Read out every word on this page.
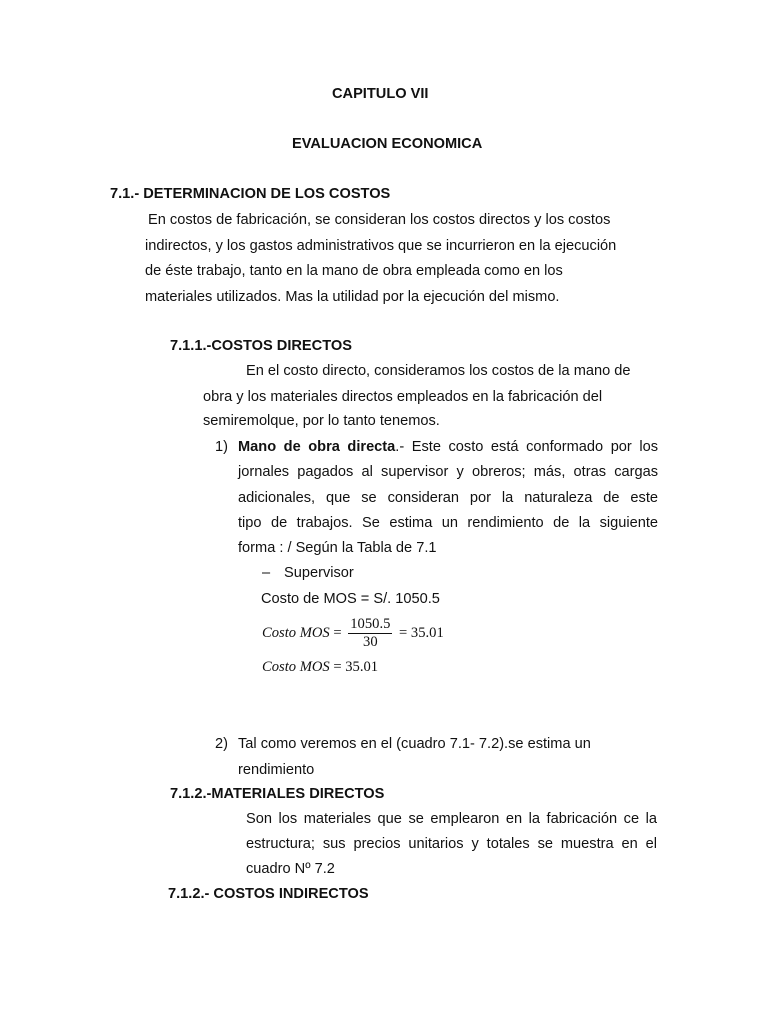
CAPITULO VII
EVALUACION ECONOMICA
7.1.- DETERMINACION DE LOS COSTOS
En costos de fabricación, se consideran los costos directos y los costos
indirectos, y los gastos administrativos que se incurrieron en la ejecución
de éste trabajo, tanto en la mano de obra empleada como en los
materiales utilizados. Mas la utilidad por la ejecución del mismo.
7.1.1.-COSTOS DIRECTOS
En el costo directo, consideramos los costos de la mano de
obra y los materiales directos empleados en la fabricación del
semiremolque, por lo tanto tenemos.
1) Mano de obra directa.- Este costo está conformado por los
jornales pagados al supervisor y obreros; más, otras cargas
adicionales, que se consideran por la naturaleza de este
tipo de trabajos. Se estima un rendimiento de la siguiente
forma : / Según la Tabla de 7.1
– Supervisor
Costo de MOS = S/. 1050.5
Costo MOS = $\frac{1050.5}{30} = 35.01$
Costo MOS = 35.01
2) Tal como veremos en el (cuadro 7.1- 7.2).se estima un
rendimiento
7.1.2.-MATERIALES DIRECTOS
Son los materiales que se emplearon en la fabricación ce la
estructura; sus precios unitarios y totales se muestra en el
cuadro Nº 7.2
7.1.2.- COSTOS INDIRECTOS
